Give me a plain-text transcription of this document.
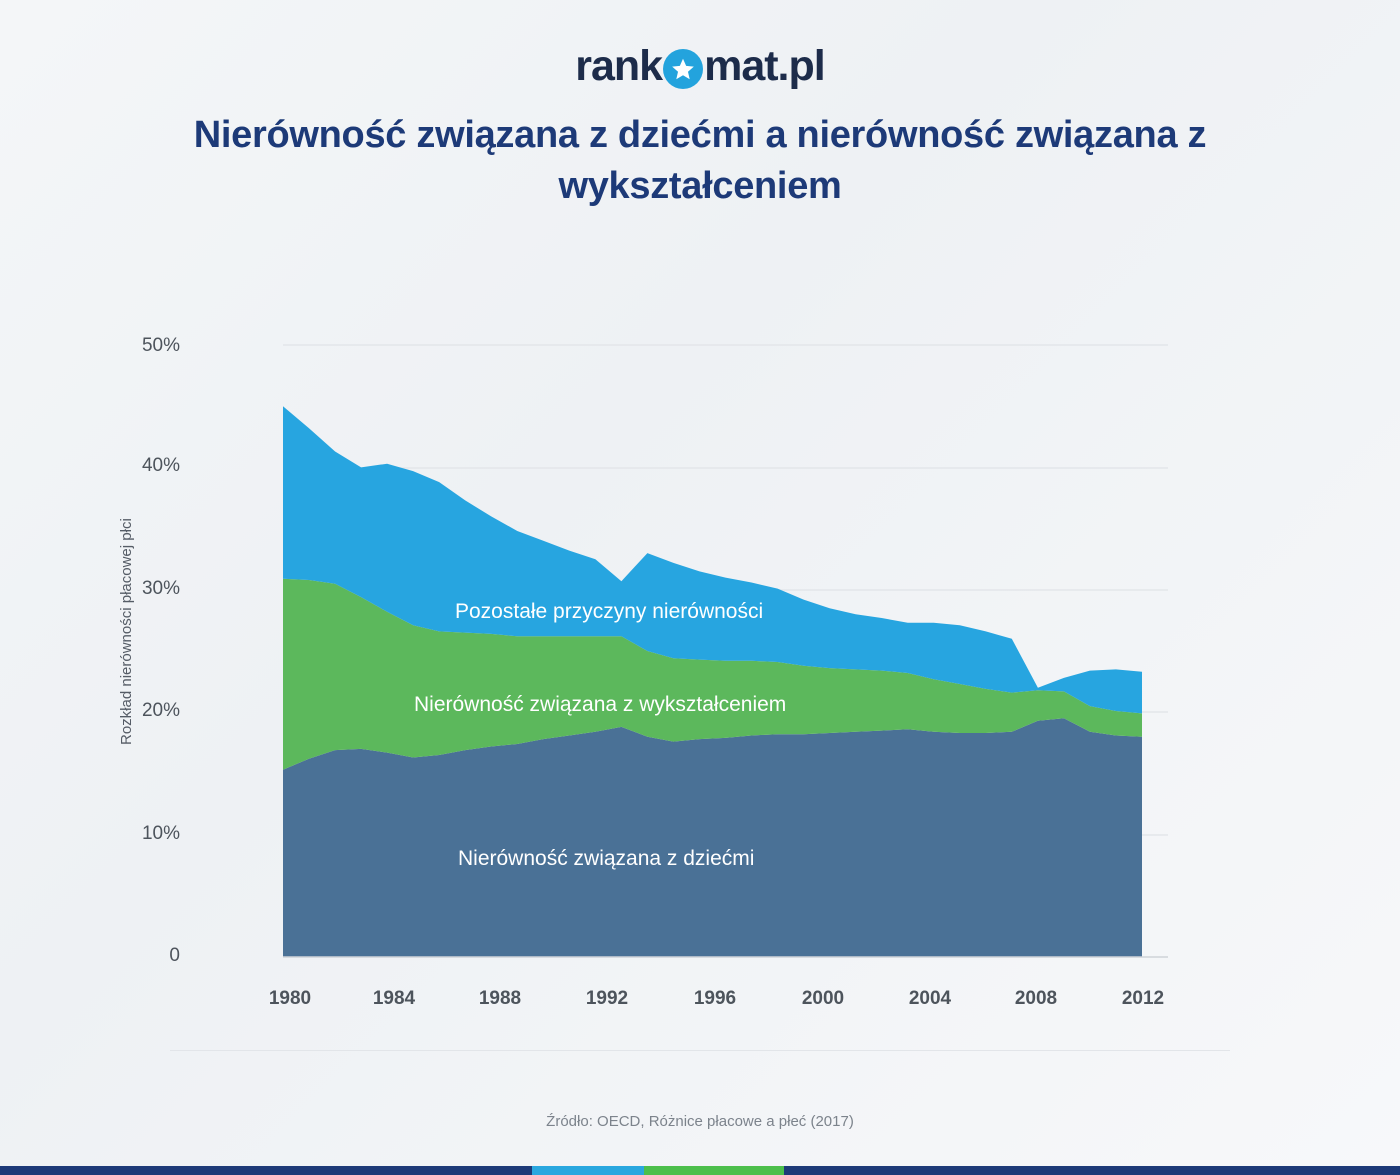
rank mat.pl
Nierówność związana z dziećmi a nierówność związana z wykształceniem
Rozkład nierówności płacowej płci
50%
40%
30%
20%
10%
0
Pozostałe przyczyny nierówności
Nierówność związana z wykształceniem
Nierówność związana z dziećmi
1980	1984	1988	1992	1996	2000	2004	2008	2012
Źródło: OECD, Różnice płacowe a płeć (2017)
